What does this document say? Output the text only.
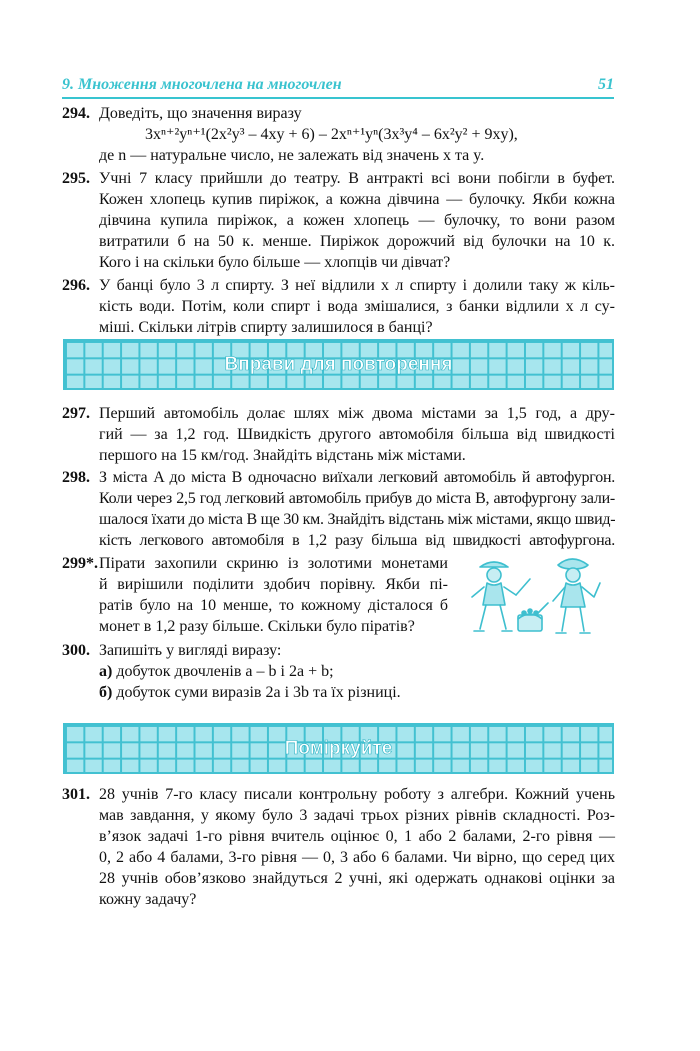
9. Множення многочлена на многочлен	51
294. Доведіть, що значення виразу
3xⁿ⁺²yⁿ⁺¹(2x²y³ – 4xy + 6) – 2xⁿ⁺¹yⁿ(3x³y⁴ – 6x²y² + 9xy),
де n — натуральне число, не залежать від значень x та y.
295. Учні 7 класу прийшли до театру. В антракті всі вони побігли в буфет.
Кожен хлопець купив пиріжок, а кожна дівчина — булочку. Якби кожна
дівчина купила пиріжок, а кожен хлопець — булочку, то вони разом
витратили б на 50 к. менше. Пиріжок дорожчий від булочки на 10 к.
Кого і на скільки було більше — хлопців чи дівчат?
296. У банці було 3 л спирту. З неї відлили x л спирту і долили таку ж кіль-
кість води. Потім, коли спирт і вода змішалися, з банки відлили x л су-
міші. Скільки літрів спирту залишилося в банці?
Вправи для повторення
297. Перший автомобіль долає шлях між двома містами за 1,5 год, а дру-
гий — за 1,2 год. Швидкість другого автомобіля більша від швидкості
першого на 15 км/год. Знайдіть відстань між містами.
298. З міста A до міста B одночасно виїхали легковий автомобіль й автофургон.
Коли через 2,5 год легковий автомобіль прибув до міста B, автофургону зали-
шалося їхати до міста B ще 30 км. Знайдіть відстань між містами, якщо швид-
кість легкового автомобіля в 1,2 разу більша від швидкості автофургона.
299*. Пірати захопили скриню із золотими монетами
й вирішили поділити здобич порівну. Якби пі-
ратів було на 10 менше, то кожному дісталося б
монет в 1,2 разу більше. Скільки було піратів?
300. Запишіть у вигляді виразу:
а) добуток двочленів a – b і 2a + b;
б) добуток суми виразів 2a і 3b та їх різниці.
Поміркуйте
301. 28 учнів 7-го класу писали контрольну роботу з алгебри. Кожний учень
мав завдання, у якому було 3 задачі трьох різних рівнів складності. Роз-
в’язок задачі 1-го рівня вчитель оцінює 0, 1 або 2 балами, 2-го рівня —
0, 2 або 4 балами, 3-го рівня — 0, 3 або 6 балами. Чи вірно, що серед цих
28 учнів обов’язково знайдуться 2 учні, які одержать однакові оцінки за
кожну задачу?
